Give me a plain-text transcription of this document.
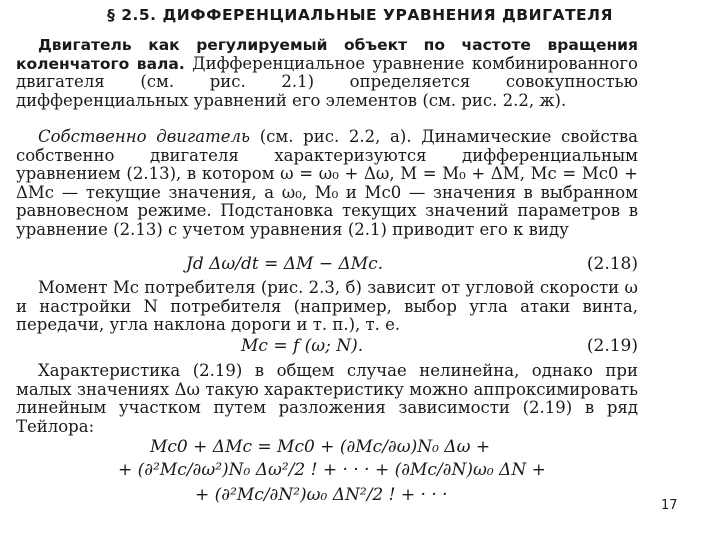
§ 2.5. ДИФФЕРЕНЦИАЛЬНЫЕ УРАВНЕНИЯ ДВИГАТЕЛЯ
Двигатель как регулируемый объект по частоте вращения коленчатого вала. Дифференциальное уравнение комбинированного двигателя (см. рис. 2.1) определяется совокупностью дифференциальных уравнений его элементов (см. рис. 2.2, ж).
Собственно двигатель (см. рис. 2.2, а). Динамические свойства собственно двигателя характеризуются дифференциальным уравнением (2.13), в котором ω = ω₀ + Δω, M = M₀ + ΔM, Mс = Mс0 + ΔMс — текущие значения, а ω₀, M₀ и Mс0 — значения в выбранном равновесном режиме. Подстановка текущих значений параметров в уравнение (2.13) с учетом уравнения (2.1) приводит его к виду
Jd Δω/dt = ΔM − ΔMс.	(2.18)
Момент Mс потребителя (рис. 2.3, б) зависит от угловой скорости ω и настройки N потребителя (например, выбор угла атаки винта, передачи, угла наклона дороги и т. п.), т. е.
Mс = f (ω; N).	(2.19)
Характеристика (2.19) в общем случае нелинейна, однако при малых значениях Δω такую характеристику можно аппроксимировать линейным участком путем разложения зависимости (2.19) в ряд Тейлора:
Mс0 + ΔMс = Mс0 + (∂Mс/∂ω)N₀ Δω +
+ (∂²Mс/∂ω²)N₀ Δω²/2 ! + · · · + (∂Mс/∂N)ω₀ ΔN +
+ (∂²Mс/∂N²)ω₀ ΔN²/2 ! + · · ·
17
